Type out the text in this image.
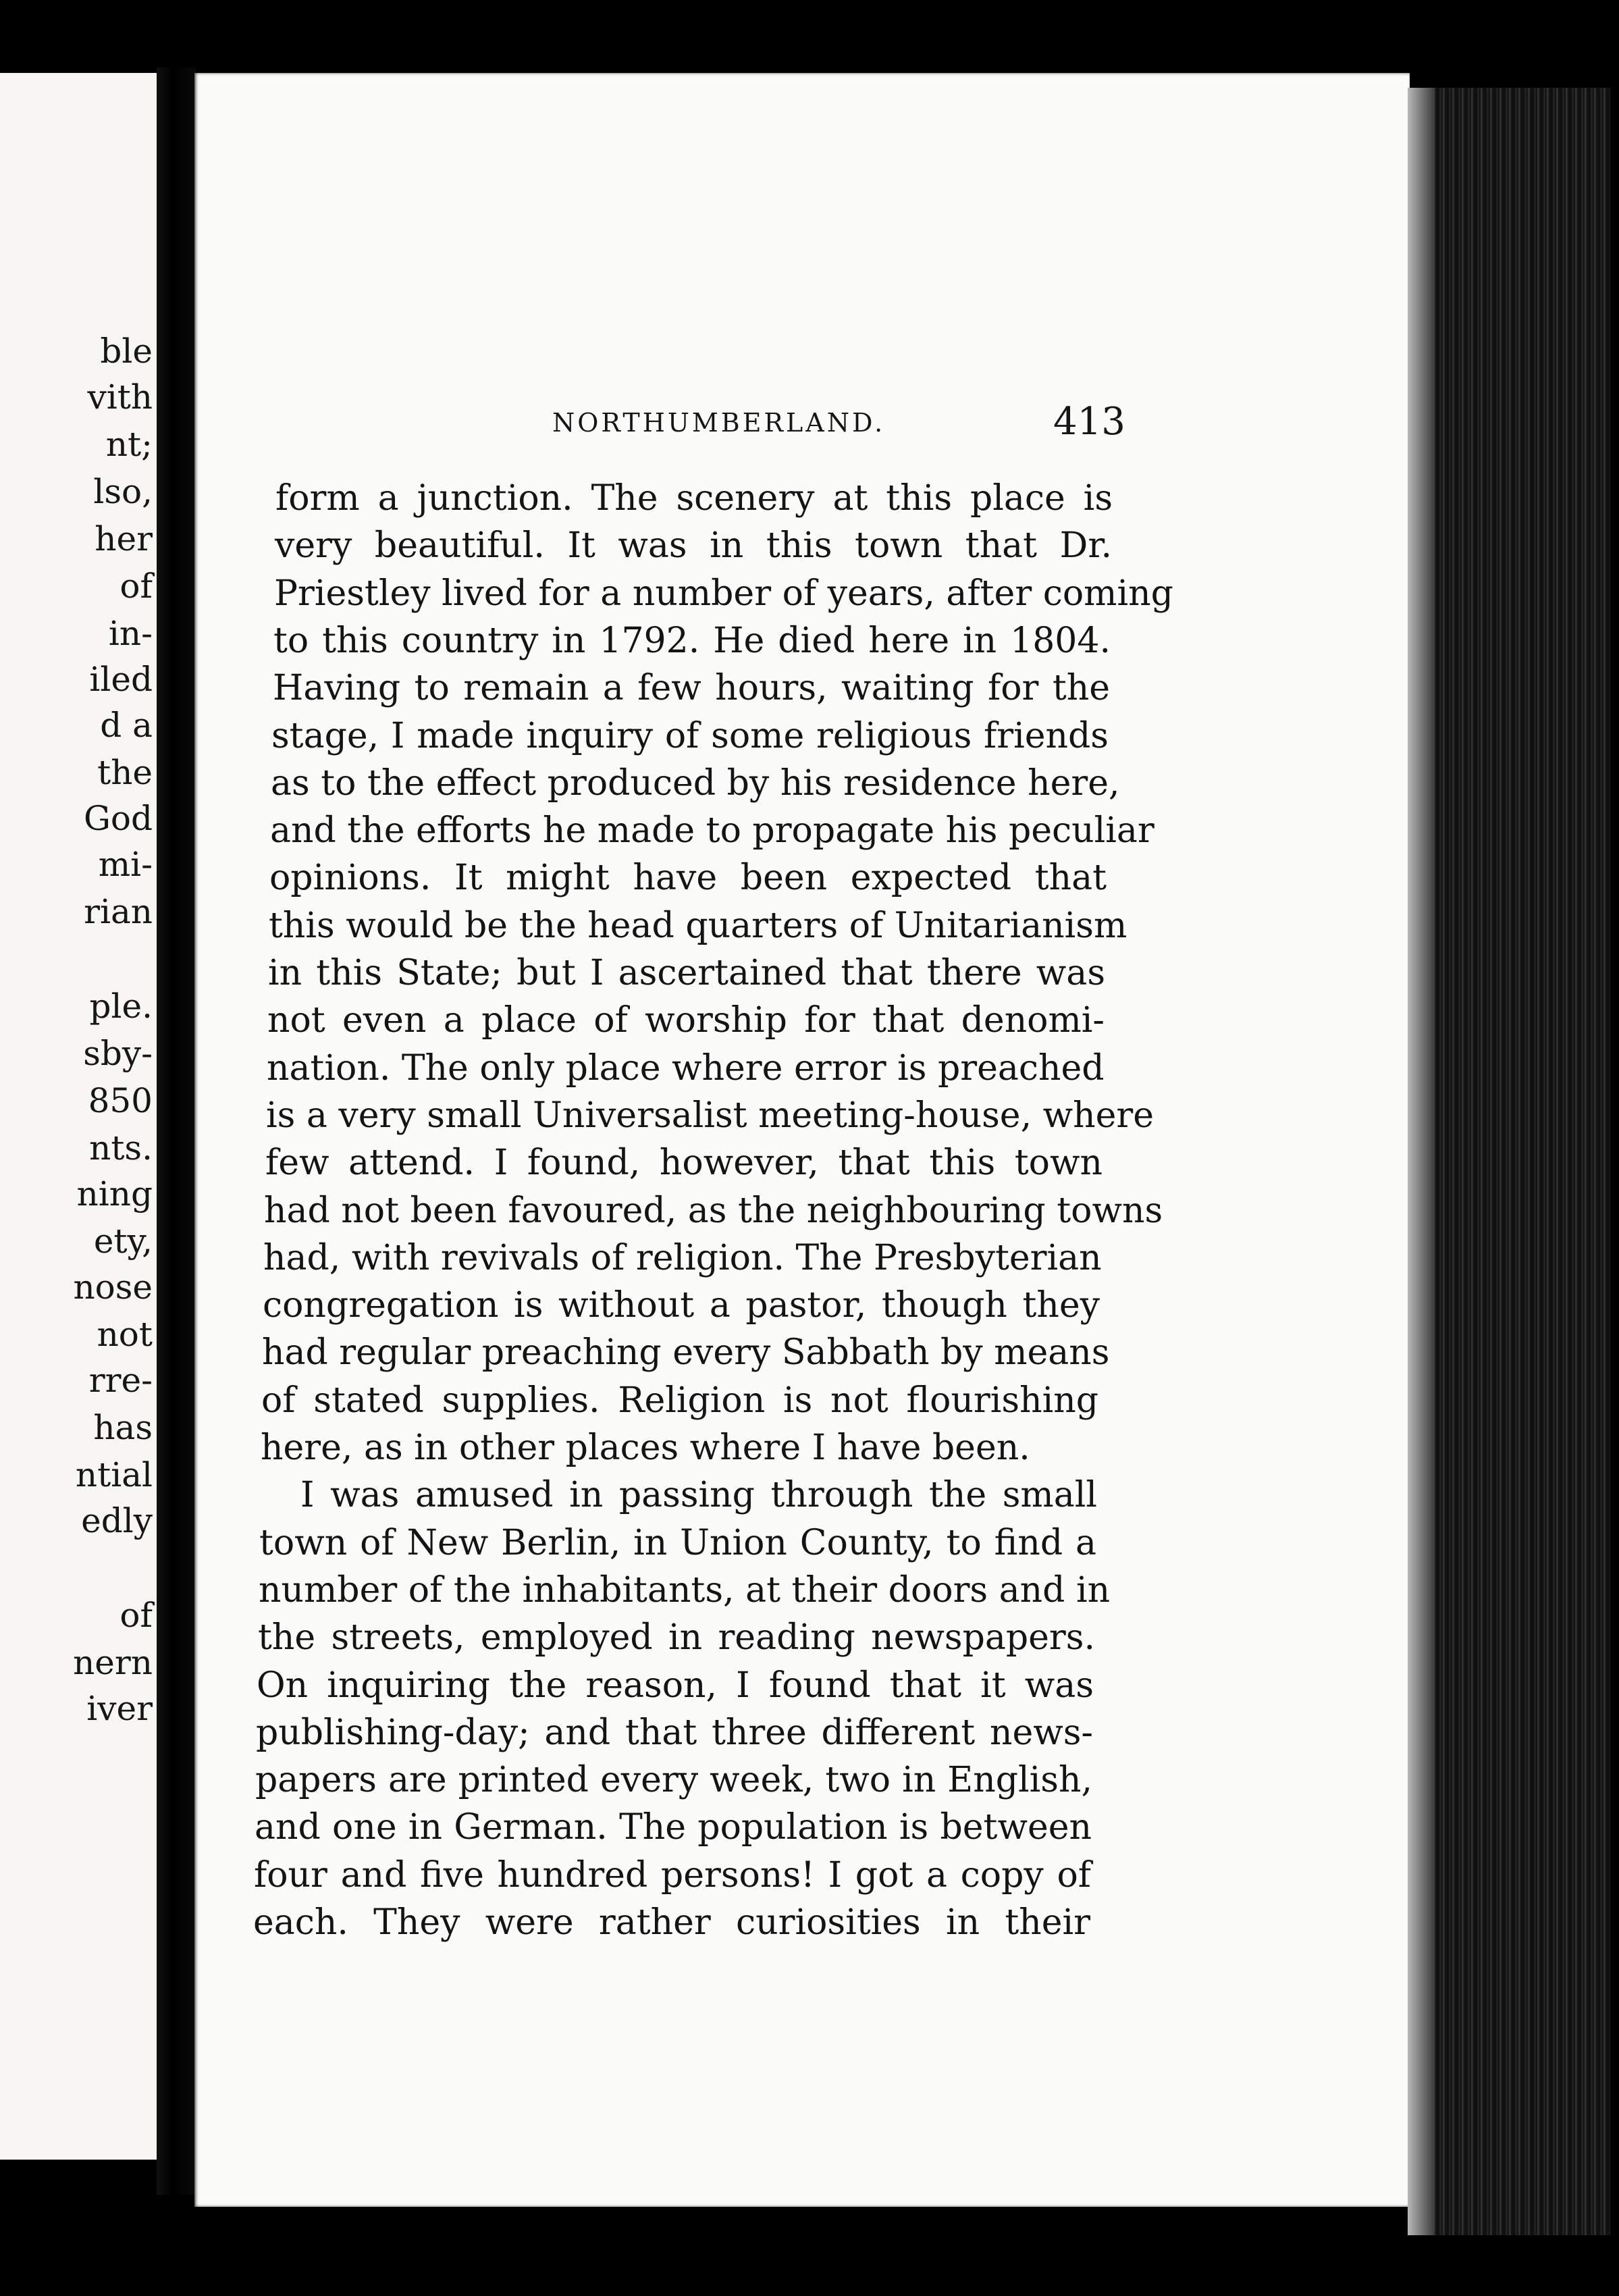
ble
vith
nt;
lso,
her
of
in-
iled
d a
the
God
mi-
rian
ple.
sby-
850
nts.
ning
ety,
nose
not
rre-
has
ntial
edly
of
nern
iver
NORTHUMBERLAND.	413
form a junction. The scenery at this place is
very beautiful. It was in this town that Dr.
Priestley lived for a number of years, after coming
to this country in 1792. He died here in 1804.
Having to remain a few hours, waiting for the
stage, I made inquiry of some religious friends
as to the effect produced by his residence here,
and the efforts he made to propagate his peculiar
opinions. It might have been expected that
this would be the head quarters of Unitarianism
in this State; but I ascertained that there was
not even a place of worship for that denomi-
nation. The only place where error is preached
is a very small Universalist meeting-house, where
few attend. I found, however, that this town
had not been favoured, as the neighbouring towns
had, with revivals of religion. The Presbyterian
congregation is without a pastor, though they
had regular preaching every Sabbath by means
of stated supplies. Religion is not flourishing
here, as in other places where I have been.
I was amused in passing through the small
town of New Berlin, in Union County, to find a
number of the inhabitants, at their doors and in
the streets, employed in reading newspapers.
On inquiring the reason, I found that it was
publishing-day; and that three different news-
papers are printed every week, two in English,
and one in German. The population is between
four and five hundred persons! I got a copy of
each. They were rather curiosities in their
